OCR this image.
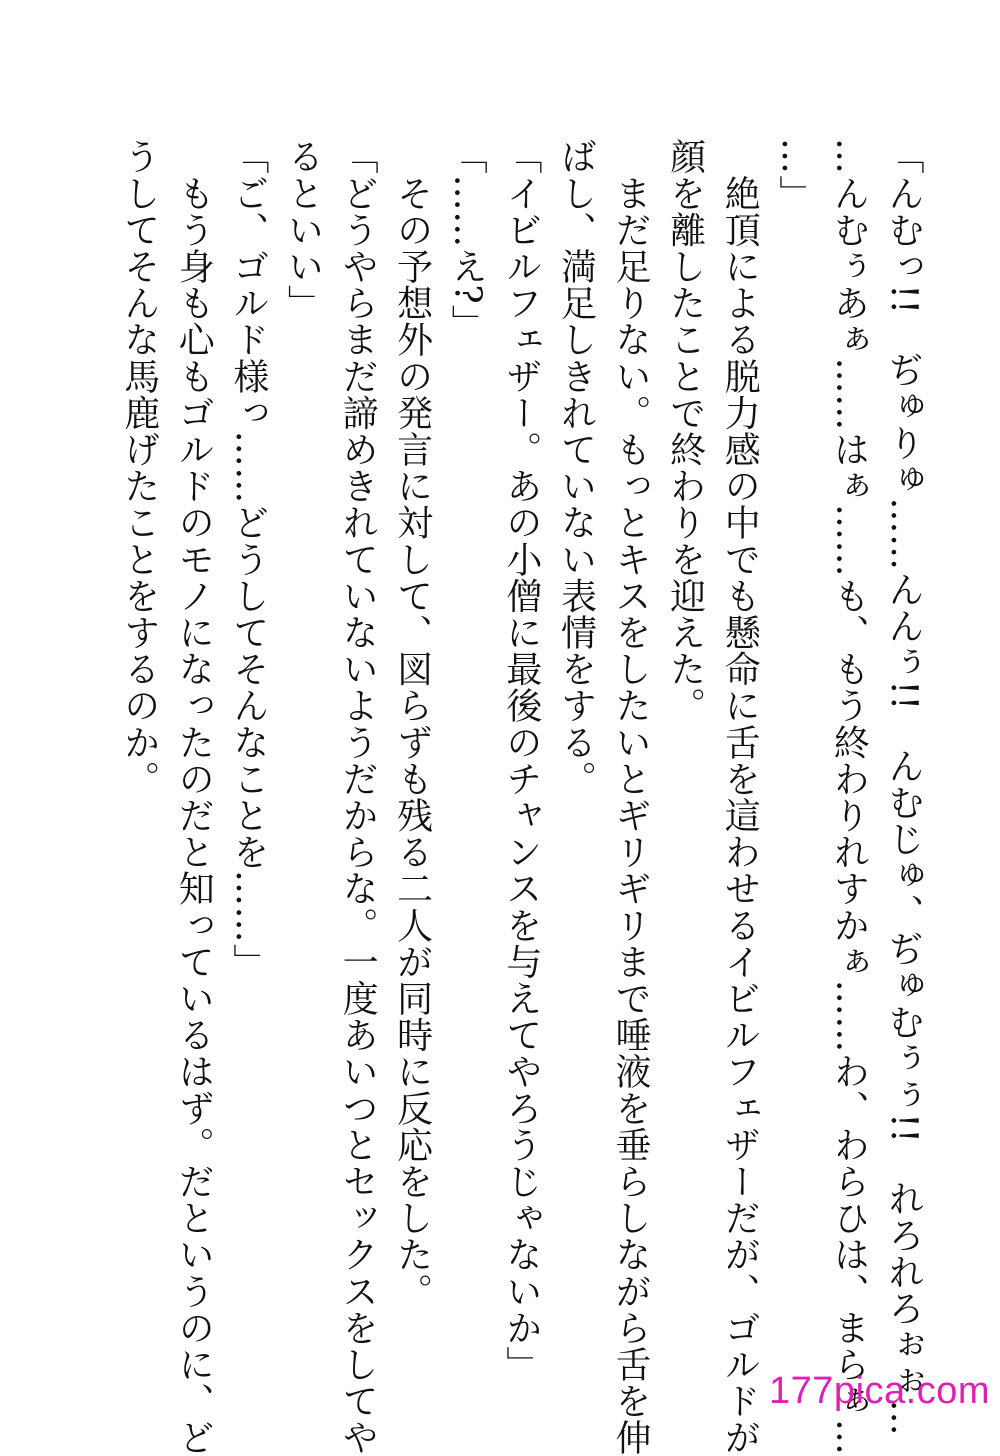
「んむっ!!　ぢゅりゅ……んんぅ!!　んむじゅ、ぢゅむぅぅ!!　れろれろぉぉ…

…んむぅあぁ……はぁ……も、もう終わりれすかぁ……わ、わらひは、まらぁ…

…」

　絶頂による脱力感の中でも懸命に舌を這わせるイビルフェザーだが、ゴルドが

顔を離したことで終わりを迎えた。

　まだ足りない。もっとキスをしたいとギリギリまで唾液を垂らしながら舌を伸

ばし、満足しきれていない表情をする。

「イビルフェザー。あの小僧に最後のチャンスを与えてやろうじゃないか」

「……え?」

　その予想外の発言に対して、図らずも残る二人が同時に反応をした。

「どうやらまだ諦めきれていないようだからな。一度あいつとセックスをしてや

るといい」

「ご、ゴルド様っ……どうしてそんなことを……」

　もう身も心もゴルドのモノになったのだと知っているはず。だというのに、ど

うしてそんな馬鹿げたことをするのか。

177pica.com
